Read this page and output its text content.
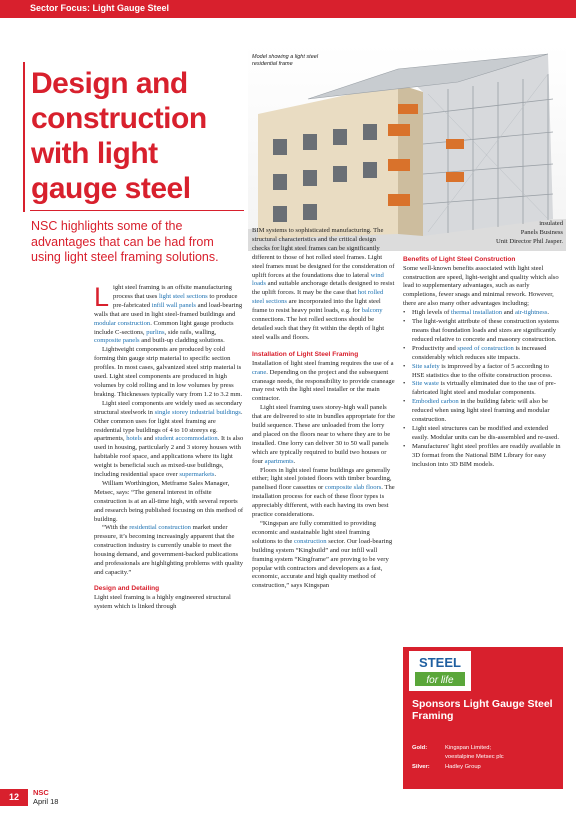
Sector Focus: Light Gauge Steel
Design and construction with light gauge steel

NSC highlights some of the advantages that can be had from using light steel framing solutions.

Model showing a light steel residential frame

Light steel framing is an offsite manufacturing process that uses light steel sections to produce pre-fabricated infill wall panels and load-bearing walls that are used in light steel-framed buildings and modular construction. Common light gauge products include C-sections, purlins, side rails, walling, composite panels and built-up cladding solutions.

Lightweight components are produced by cold forming thin gauge strip material to specific section profiles. In most cases, galvanized steel strip material is used. Light steel components are produced in high volumes by cold rolling and in low volumes by press braking. Thicknesses typically vary from 1.2 to 3.2 mm.

Light steel components are widely used as secondary structural steelwork in single storey industrial buildings. Other common uses for light steel framing are residential type buildings of 4 to 10 storeys eg. apartments, hotels and student accommodation. It is also used in housing, particularly 2 and 3 storey houses with habitable roof space, and applications where its light weight is beneficial such as mixed-use buildings, including residential space over supermarkets.

William Worthington, Metframe Sales Manager, Metsec, says: “The general interest in offsite construction is at an all-time high, with several reports and research being published focusing on this method of building.

“With the residential construction market under pressure, it’s becoming increasingly apparent that the construction industry is currently unable to meet the housing demand, and government-backed publications and professionals are highlighting problems with quality and capacity.”

Design and Detailing

Light steel framing is a highly engineered structural system which is linked through

BIM systems to sophisticated manufacturing. The structural characteristics and the critical design checks for light steel frames can be significantly different to those of hot rolled steel frames. Light steel frames must be designed for the consideration of uplift forces at the foundations due to lateral wind loads and suitable anchorage details designed to resist the uplift forces. It may be the case that hot rolled steel sections are incorporated into the light steel frame to resist heavy point loads, e.g. for balcony connections. The hot rolled sections should be detailed such that they fit within the depth of light steel walls and floors.

Installation of Light Steel Framing

Installation of light steel framing requires the use of a crane. Depending on the project and the subsequent craneage needs, the responsibility to provide craneage may rest with the light steel installer or the main contractor.

Light steel framing uses storey-high wall panels that are delivered to site in bundles appropriate for the build sequence. These are unloaded from the lorry and placed on the floors near to where they are to be installed. One lorry can deliver 30 to 50 wall panels which are typically required to build two houses or four apartments.

Floors in light steel frame buildings are generally either; light steel joisted floors with timber boarding, panelised floor cassettes or composite slab floors. The installation process for each of these floor types is appreciably different, with each having its own best practice considerations.

“Kingspan are fully committed to providing economic and sustainable light steel framing solutions to the construction sector. Our load-bearing building system “Kingbuild” and our infill wall framing system “Kingframe” are proving to be very popular with contractors and developers as a fast, economic, accurate and high quality method of construction,” says Kingspan

insulated

Panels Business

Unit Director Phil Jasper.

Benefits of Light Steel Construction

Some well-known benefits associated with light steel construction are speed, light-weight and quality which also lead to supplementary advantages, such as early completions, fewer snags and minimal rework. However, there are also many other advantages including;

• High levels of thermal installation and air-tightness.
• The light-weight attribute of these construction systems means that foundation loads and sizes are significantly reduced relative to concrete and masonry construction.
• Productivity and speed of construction is increased considerably which reduces site impacts.
• Site safety is improved by a factor of 5 according to HSE statistics due to the offsite construction process.
• Site waste is virtually eliminated due to the use of pre-fabricated light steel and modular components.
• Embodied carbon in the building fabric will also be reduced when using light steel framing and modular construction.
• Light steel structures can be modified and extended easily. Modular units can be dis-assembled and re-used.
• Manufactures' light steel profiles are readily available in 3D format from the National BIM Library for easy inclusion into 3D BIM models.
STEEL
for life
Sponsors Light Gauge Steel Framing
Gold:	Kingspan Limited;
voestalpine Metsec plc
Silver:	Hadley Group
12	NSC
April 18
